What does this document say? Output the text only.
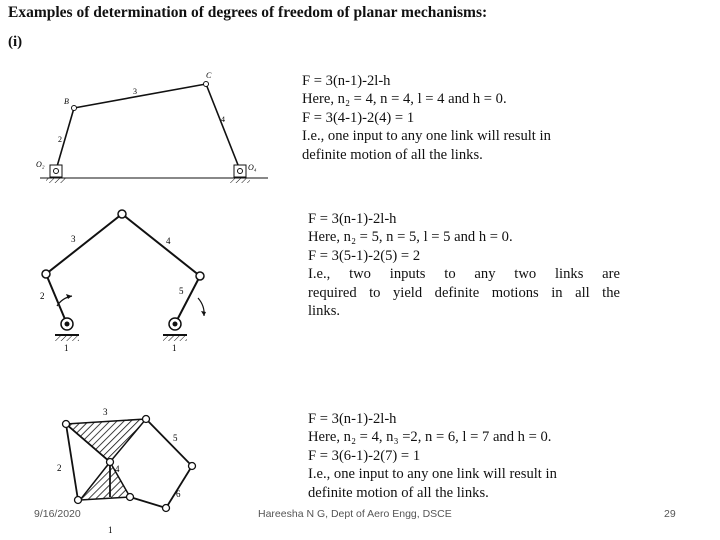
Examples of determination of degrees of freedom of planar mechanisms:
(i)
B
C
3
2
4
O₂	O₄
3	4
2	5
1	1
3
5
2	4
6
1
F = 3(n-1)-2l-h
Here, n₂ = 4, n = 4, l = 4 and h = 0.
F = 3(4-1)-2(4) = 1
I.e., one input to any one link will result in
definite motion of all the links.
F = 3(n-1)-2l-h
Here, n₂ = 5, n = 5, l = 5 and h = 0.
F = 3(5-1)-2(5) = 2
I.e., two inputs to any two links are
required to yield definite motions in all the
links.
F = 3(n-1)-2l-h
Here, n₂ = 4, n₃ =2, n = 6, l = 7 and h = 0.
F = 3(6-1)-2(7) = 1
I.e., one input to any one link will result in
definite motion of all the links.
9/16/2020	Hareesha N G, Dept of Aero Engg, DSCE	29
